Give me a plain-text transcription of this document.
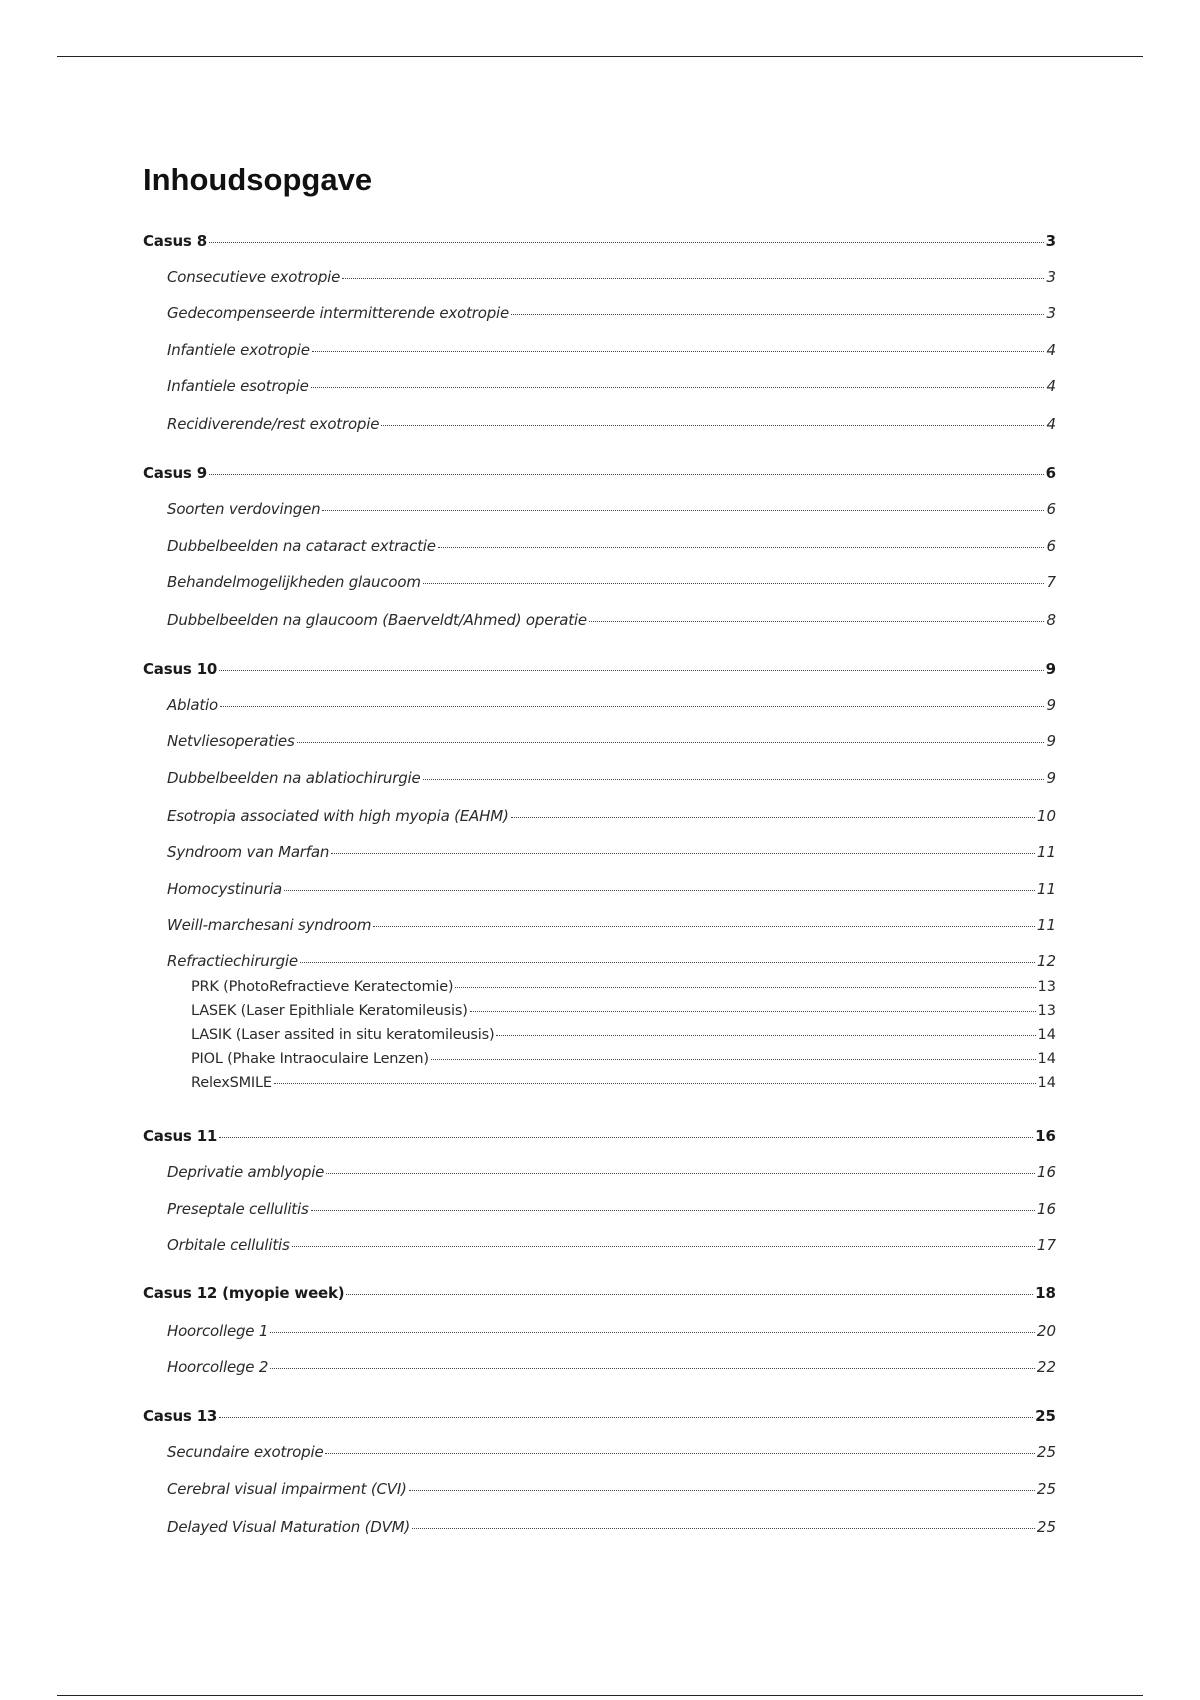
Inhoudsopgave
Casus 8	3
Consecutieve exotropie	3
Gedecompenseerde intermitterende exotropie	3
Infantiele exotropie	4
Infantiele esotropie	4
Recidiverende/rest exotropie	4
Casus 9	6
Soorten verdovingen	6
Dubbelbeelden na cataract extractie	6
Behandelmogelijkheden glaucoom	7
Dubbelbeelden na glaucoom (Baerveldt/Ahmed) operatie	8
Casus 10	9
Ablatio	9
Netvliesoperaties	9
Dubbelbeelden na ablatiochirurgie	9
Esotropia associated with high myopia (EAHM)	10
Syndroom van Marfan	11
Homocystinuria	11
Weill-marchesani syndroom	11
Refractiechirurgie	12
PRK (PhotoRefractieve Keratectomie)	13
LASEK (Laser Epithliale Keratomileusis)	13
LASIK (Laser assited in situ keratomileusis)	14
PIOL (Phake Intraoculaire Lenzen)	14
RelexSMILE	14
Casus 11	16
Deprivatie amblyopie	16
Preseptale cellulitis	16
Orbitale cellulitis	17
Casus 12 (myopie week)	18
Hoorcollege 1	20
Hoorcollege 2	22
Casus 13	25
Secundaire exotropie	25
Cerebral visual impairment (CVI)	25
Delayed Visual Maturation (DVM)	25
